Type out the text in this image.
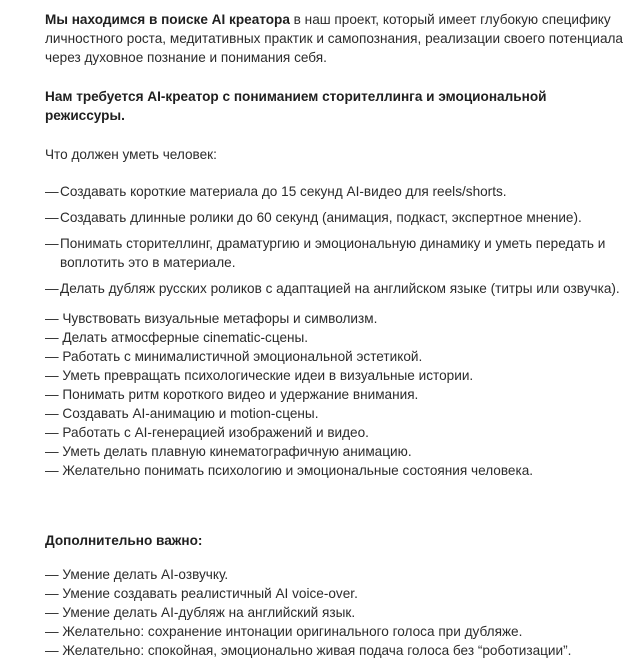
Мы находимся в поиске AI креатора в наш проект, который имеет глубокую специфику личностного роста, медитативных практик и самопознания, реализации своего потенциала через духовное познание и понимания себя.

Нам требуется AI-креатор с пониманием сторителлинга и эмоциональной режиссуры.

Что должен уметь человек:

— Создавать короткие материала до 15 секунд AI-видео для reels/shorts.
— Создавать длинные ролики до 60 секунд (анимация, подкаст, экспертное мнение).
— Понимать сторителлинг, драматургию и эмоциональную динамику и уметь передать и воплотить это в материале.
— Делать дубляж русских роликов с адаптацией на английском языке (титры или озвучка).
— Чувствовать визуальные метафоры и символизм.
— Делать атмосферные cinematic-сцены.
— Работать с минималистичной эмоциональной эстетикой.
— Уметь превращать психологические идеи в визуальные истории.
— Понимать ритм короткого видео и удержание внимания.
— Создавать AI-анимацию и motion-сцены.
— Работать с AI-генерацией изображений и видео.
— Уметь делать плавную кинематографичную анимацию.
— Желательно понимать психологию и эмоциональные состояния человека.

Дополнительно важно:

— Умение делать AI-озвучку.
— Умение создавать реалистичный AI voice-over.
— Умение делать AI-дубляж на английский язык.
— Желательно: сохранение интонации оригинального голоса при дубляже.
— Желательно: спокойная, эмоционально живая подача голоса без “роботизации”.
